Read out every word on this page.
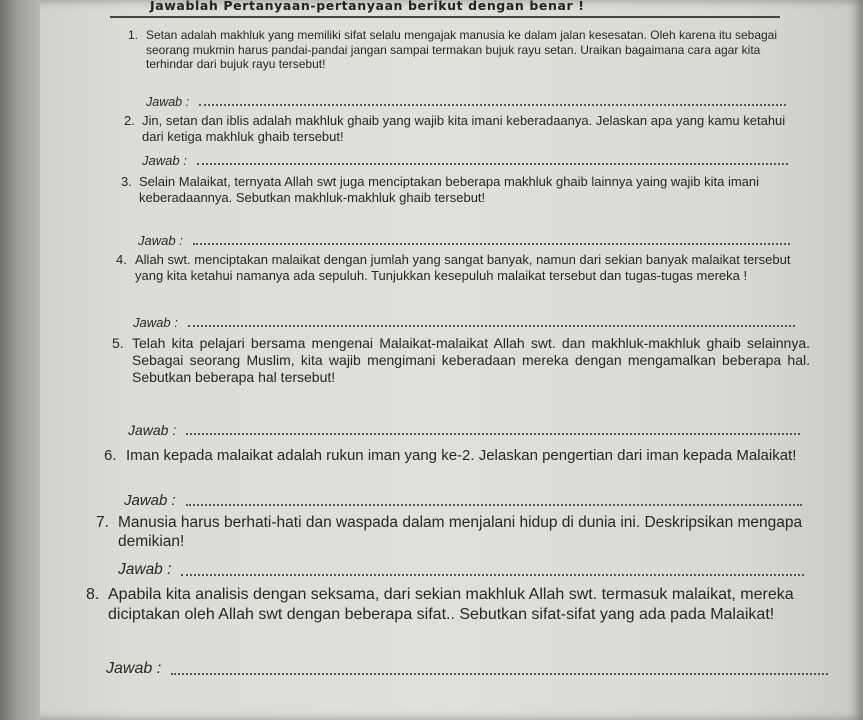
Jawablah Pertanyaan-pertanyaan berikut dengan benar !
1. Setan adalah makhluk yang memiliki sifat selalu mengajak manusia ke dalam jalan kesesatan. Oleh karena itu sebagai seorang mukmin harus pandai-pandai jangan sampai termakan bujuk rayu setan. Uraikan bagaimana cara agar kita terhindar dari bujuk rayu tersebut!
Jawab :
2. Jin, setan dan iblis adalah makhluk ghaib yang wajib kita imani keberadaanya. Jelaskan apa yang kamu ketahui dari ketiga makhluk ghaib tersebut!
Jawab :
3. Selain Malaikat, ternyata Allah swt juga menciptakan beberapa makhluk ghaib lainnya yaing wajib kita imani keberadaannya. Sebutkan makhluk-makhluk ghaib tersebut!
Jawab :
4. Allah swt. menciptakan malaikat dengan jumlah yang sangat banyak, namun dari sekian banyak malaikat tersebut yang kita ketahui namanya ada sepuluh. Tunjukkan kesepuluh malaikat tersebut dan tugas-tugas mereka !
Jawab :
5. Telah kita pelajari bersama mengenai Malaikat-malaikat Allah swt. dan makhluk-makhluk ghaib selainnya. Sebagai seorang Muslim, kita wajib mengimani keberadaan mereka dengan mengamalkan beberapa hal. Sebutkan beberapa hal tersebut!
Jawab :
6. Iman kepada malaikat adalah rukun iman yang ke-2. Jelaskan pengertian dari iman kepada Malaikat!
Jawab :
7. Manusia harus berhati-hati dan waspada dalam menjalani hidup di dunia ini. Deskripsikan mengapa demikian!
Jawab :
8. Apabila kita analisis dengan seksama, dari sekian makhluk Allah swt. termasuk malaikat, mereka diciptakan oleh Allah swt dengan beberapa sifat.. Sebutkan sifat-sifat yang ada pada Malaikat!
Jawab :
